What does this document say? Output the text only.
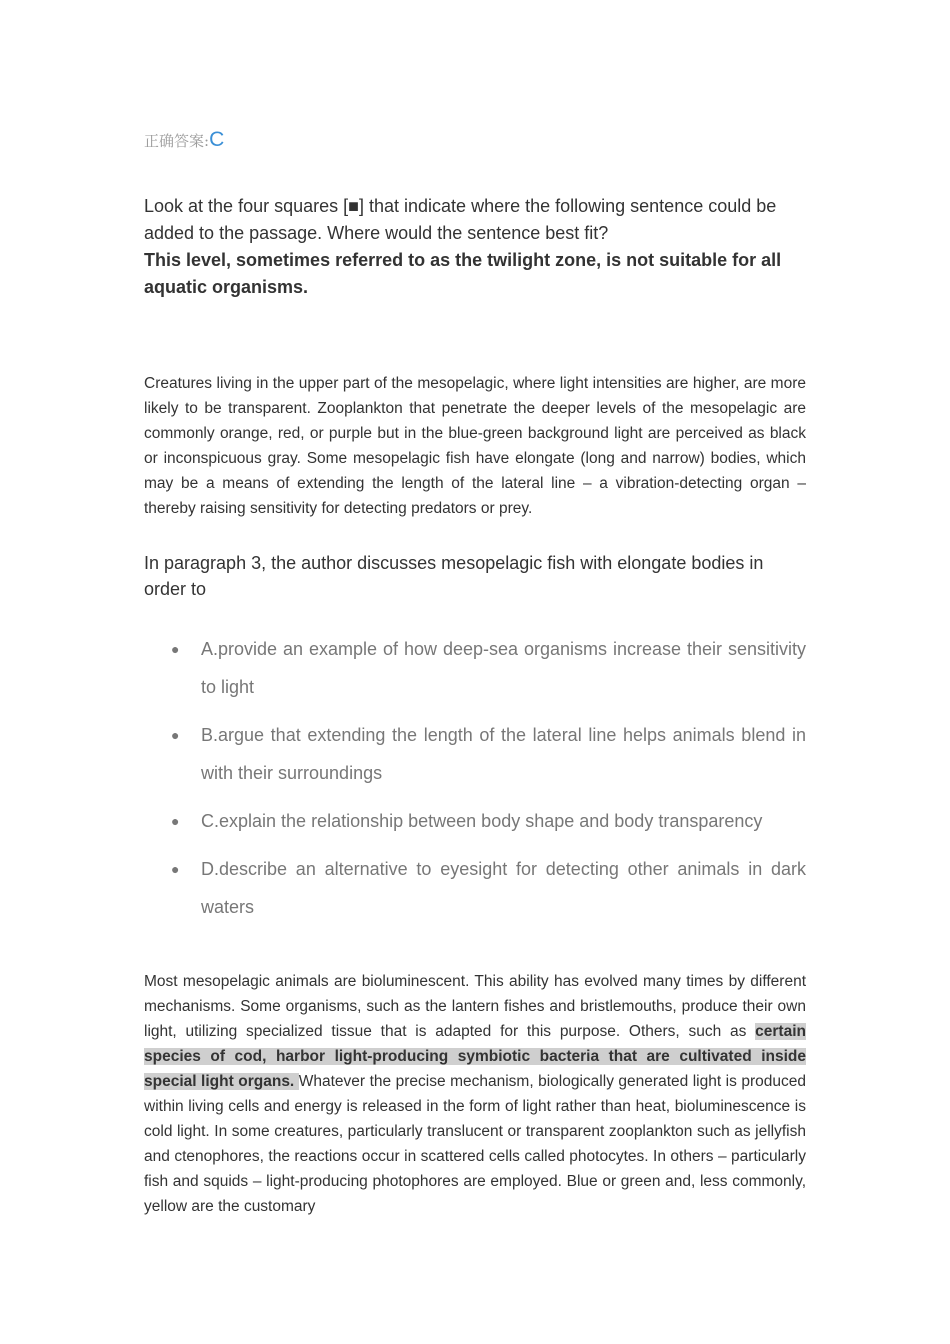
正确答案:C
Look at the four squares [■] that indicate where the following sentence could be added to the passage. Where would the sentence best fit?
This level, sometimes referred to as the twilight zone, is not suitable for all aquatic organisms.
Creatures living in the upper part of the mesopelagic, where light intensities are higher, are more likely to be transparent. Zooplankton that penetrate the deeper levels of the mesopelagic are commonly orange, red, or purple but in the blue-green background light are perceived as black or inconspicuous gray. Some mesopelagic fish have elongate (long and narrow) bodies, which may be a means of extending the length of the lateral line – a vibration-detecting organ – thereby raising sensitivity for detecting predators or prey.
In paragraph 3, the author discusses mesopelagic fish with elongate bodies in order to
● A.provide an example of how deep-sea organisms increase their sensitivity to light
● B.argue that extending the length of the lateral line helps animals blend in with their surroundings
● C.explain the relationship between body shape and body transparency
● D.describe an alternative to eyesight for detecting other animals in dark waters
Most mesopelagic animals are bioluminescent. This ability has evolved many times by different mechanisms. Some organisms, such as the lantern fishes and bristlemouths, produce their own light, utilizing specialized tissue that is adapted for this purpose. Others, such as certain species of cod, harbor light-producing symbiotic bacteria that are cultivated inside special light organs. Whatever the precise mechanism, biologically generated light is produced within living cells and energy is released in the form of light rather than heat, bioluminescence is cold light. In some creatures, particularly translucent or transparent zooplankton such as jellyfish and ctenophores, the reactions occur in scattered cells called photocytes. In others – particularly fish and squids – light-producing photophores are employed. Blue or green and, less commonly, yellow are the customary
